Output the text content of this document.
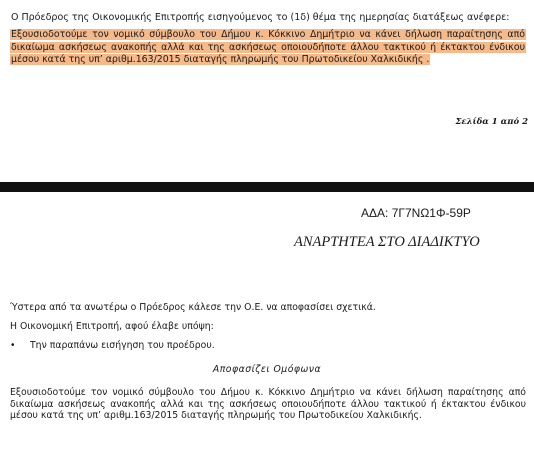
Ο Πρόεδρος της Οικονομικής Επιτροπής εισηγούμενος το (1δ) θέμα της ημερησίας διατάξεως ανέφερε:
Εξουσιοδοτούμε τον νομικό σύμβουλο του Δήμου κ. Κόκκινο Δημήτριο να κάνει δήλωση παραίτησης από δικαίωμα ασκήσεως ανακοπής αλλά και της ασκήσεως οποιουδήποτε άλλου τακτικού ή έκτακτου ένδικου μέσου κατά της υπ’ αριθμ.163/2015 διαταγής πληρωμής του Πρωτοδικείου Χαλκιδικής .
Σελίδα 1 από 2
ΑΔΑ: 7Γ7ΝΩ1Φ-59Ρ
ΑΝΑΡΤΗΤΕΑ ΣΤΟ ΔΙΑΔΙΚΤΥΟ
Ύστερα από τα ανωτέρω ο Πρόεδρος κάλεσε την Ο.Ε. να αποφασίσει σχετικά.
Η Οικονομική Επιτροπή, αφού έλαβε υπόψη:
• Την παραπάνω εισήγηση του προέδρου.
Αποφασίζει Ομόφωνα
Εξουσιοδοτούμε τον νομικό σύμβουλο του Δήμου κ. Κόκκινο Δημήτριο να κάνει δήλωση παραίτησης από δικαίωμα ασκήσεως ανακοπής αλλά και της ασκήσεως οποιουδήποτε άλλου τακτικού ή έκτακτου ένδικου μέσου κατά της υπ’ αριθμ.163/2015 διαταγής πληρωμής του Πρωτοδικείου Χαλκιδικής.
